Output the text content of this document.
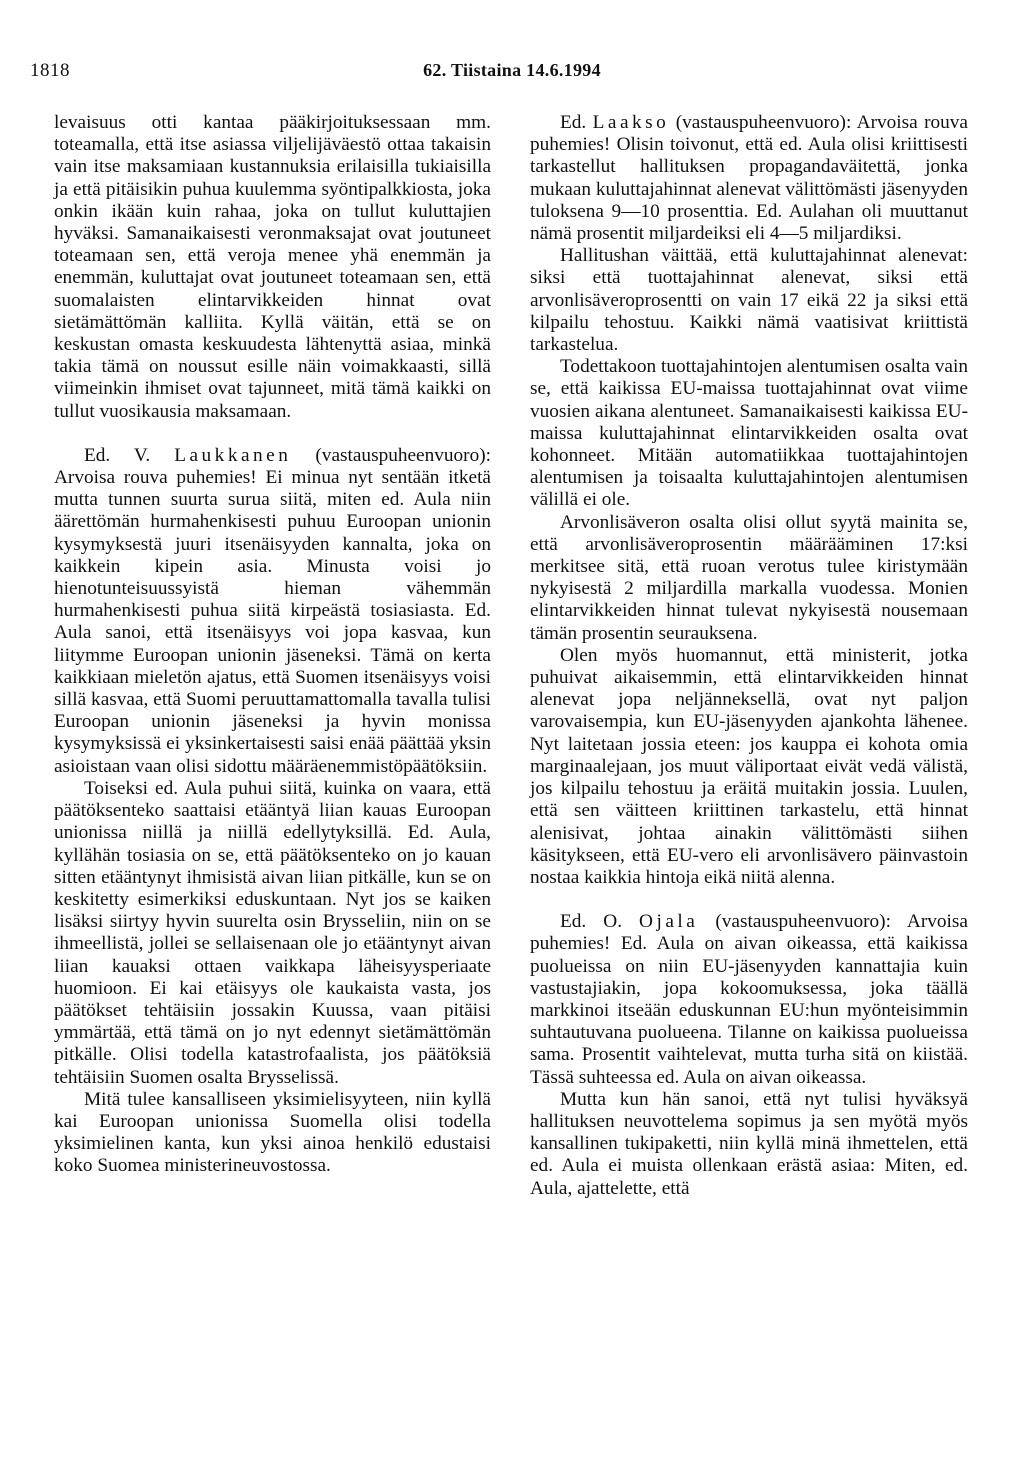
1818	62. Tiistaina 14.6.1994

levaisuus otti kantaa pääkirjoituksessaan mm. toteamalla, että itse asiassa viljelijäväestö ottaa takaisin vain itse maksamiaan kustannuksia erilaisilla tukiaisilla ja että pitäisikin puhua kuulemma syöntipalkkiosta, joka onkin ikään kuin rahaa, joka on tullut kuluttajien hyväksi. Samanaikaisesti veronmaksajat ovat joutuneet toteamaan sen, että veroja menee yhä enemmän ja enemmän, kuluttajat ovat joutuneet toteamaan sen, että suomalaisten elintarvikkeiden hinnat ovat sietämättömän kalliita. Kyllä väitän, että se on keskustan omasta keskuudesta lähtenyttä asiaa, minkä takia tämä on noussut esille näin voimakkaasti, sillä viimeinkin ihmiset ovat tajunneet, mitä tämä kaikki on tullut vuosikausia maksamaan.

Ed. V. Laukkanen (vastauspuheenvuoro): Arvoisa rouva puhemies! Ei minua nyt sentään itketä mutta tunnen suurta surua siitä, miten ed. Aula niin äärettömän hurmahenkisesti puhuu Euroopan unionin kysymyksestä juuri itsenäisyyden kannalta, joka on kaikkein kipein asia. Minusta voisi jo hienotunteisuussyistä hieman vähemmän hurmahenkisesti puhua siitä kirpeästä tosiasiasta. Ed. Aula sanoi, että itsenäisyys voi jopa kasvaa, kun liitymme Euroopan unionin jäseneksi. Tämä on kerta kaikkiaan mieletön ajatus, että Suomen itsenäisyys voisi sillä kasvaa, että Suomi peruuttamattomalla tavalla tulisi Euroopan unionin jäseneksi ja hyvin monissa kysymyksissä ei yksinkertaisesti saisi enää päättää yksin asioistaan vaan olisi sidottu määräenemmistöpäätöksiin.

Toiseksi ed. Aula puhui siitä, kuinka on vaara, että päätöksenteko saattaisi etääntyä liian kauas Euroopan unionissa niillä ja niillä edellytyksillä. Ed. Aula, kyllähän tosiasia on se, että päätöksenteko on jo kauan sitten etääntynyt ihmisistä aivan liian pitkälle, kun se on keskitetty esimerkiksi eduskuntaan. Nyt jos se kaiken lisäksi siirtyy hyvin suurelta osin Brysseliin, niin on se ihmeellistä, jollei se sellaisenaan ole jo etääntynyt aivan liian kauaksi ottaen vaikkapa läheisyysperiaate huomioon. Ei kai etäisyys ole kaukaista vasta, jos päätökset tehtäisiin jossakin Kuussa, vaan pitäisi ymmärtää, että tämä on jo nyt edennyt sietämättömän pitkälle. Olisi todella katastrofaalista, jos päätöksiä tehtäisiin Suomen osalta Brysselissä.

Mitä tulee kansalliseen yksimielisyyteen, niin kyllä kai Euroopan unionissa Suomella olisi todella yksimielinen kanta, kun yksi ainoa henkilö edustaisi koko Suomea ministerineuvostossa.

Ed. Laakso (vastauspuheenvuoro): Arvoisa rouva puhemies! Olisin toivonut, että ed. Aula olisi kriittisesti tarkastellut hallituksen propagandaväitettä, jonka mukaan kuluttajahinnat alenevat välittömästi jäsenyyden tuloksena 9—10 prosenttia. Ed. Aulahan oli muuttanut nämä prosentit miljardeiksi eli 4—5 miljardiksi.

Hallitushan väittää, että kuluttajahinnat alenevat: siksi että tuottajahinnat alenevat, siksi että arvonlisäveroprosentti on vain 17 eikä 22 ja siksi että kilpailu tehostuu. Kaikki nämä vaatisivat kriittistä tarkastelua.

Todettakoon tuottajahintojen alentumisen osalta vain se, että kaikissa EU-maissa tuottajahinnat ovat viime vuosien aikana alentuneet. Samanaikaisesti kaikissa EU-maissa kuluttajahinnat elintarvikkeiden osalta ovat kohonneet. Mitään automatiikkaa tuottajahintojen alentumisen ja toisaalta kuluttajahintojen alentumisen välillä ei ole.

Arvonlisäveron osalta olisi ollut syytä mainita se, että arvonlisäveroprosentin määrääminen 17:ksi merkitsee sitä, että ruoan verotus tulee kiristymään nykyisestä 2 miljardilla markalla vuodessa. Monien elintarvikkeiden hinnat tulevat nykyisestä nousemaan tämän prosentin seurauksena.

Olen myös huomannut, että ministerit, jotka puhuivat aikaisemmin, että elintarvikkeiden hinnat alenevat jopa neljänneksellä, ovat nyt paljon varovaisempia, kun EU-jäsenyyden ajankohta lähenee. Nyt laitetaan jossia eteen: jos kauppa ei kohota omia marginaalejaan, jos muut väliportaat eivät vedä välistä, jos kilpailu tehostuu ja eräitä muitakin jossia. Luulen, että sen väitteen kriittinen tarkastelu, että hinnat alenisivat, johtaa ainakin välittömästi siihen käsitykseen, että EU-vero eli arvonlisävero päinvastoin nostaa kaikkia hintoja eikä niitä alenna.

Ed. O. Ojala (vastauspuheenvuoro): Arvoisa puhemies! Ed. Aula on aivan oikeassa, että kaikissa puolueissa on niin EU-jäsenyyden kannattajia kuin vastustajiakin, jopa kokoomuksessa, joka täällä markkinoi itseään eduskunnan EU:hun myönteisimmin suhtautuvana puolueena. Tilanne on kaikissa puolueissa sama. Prosentit vaihtelevat, mutta turha sitä on kiistää. Tässä suhteessa ed. Aula on aivan oikeassa.

Mutta kun hän sanoi, että nyt tulisi hyväksyä hallituksen neuvottelema sopimus ja sen myötä myös kansallinen tukipaketti, niin kyllä minä ihmettelen, että ed. Aula ei muista ollenkaan erästä asiaa: Miten, ed. Aula, ajattelette, että
